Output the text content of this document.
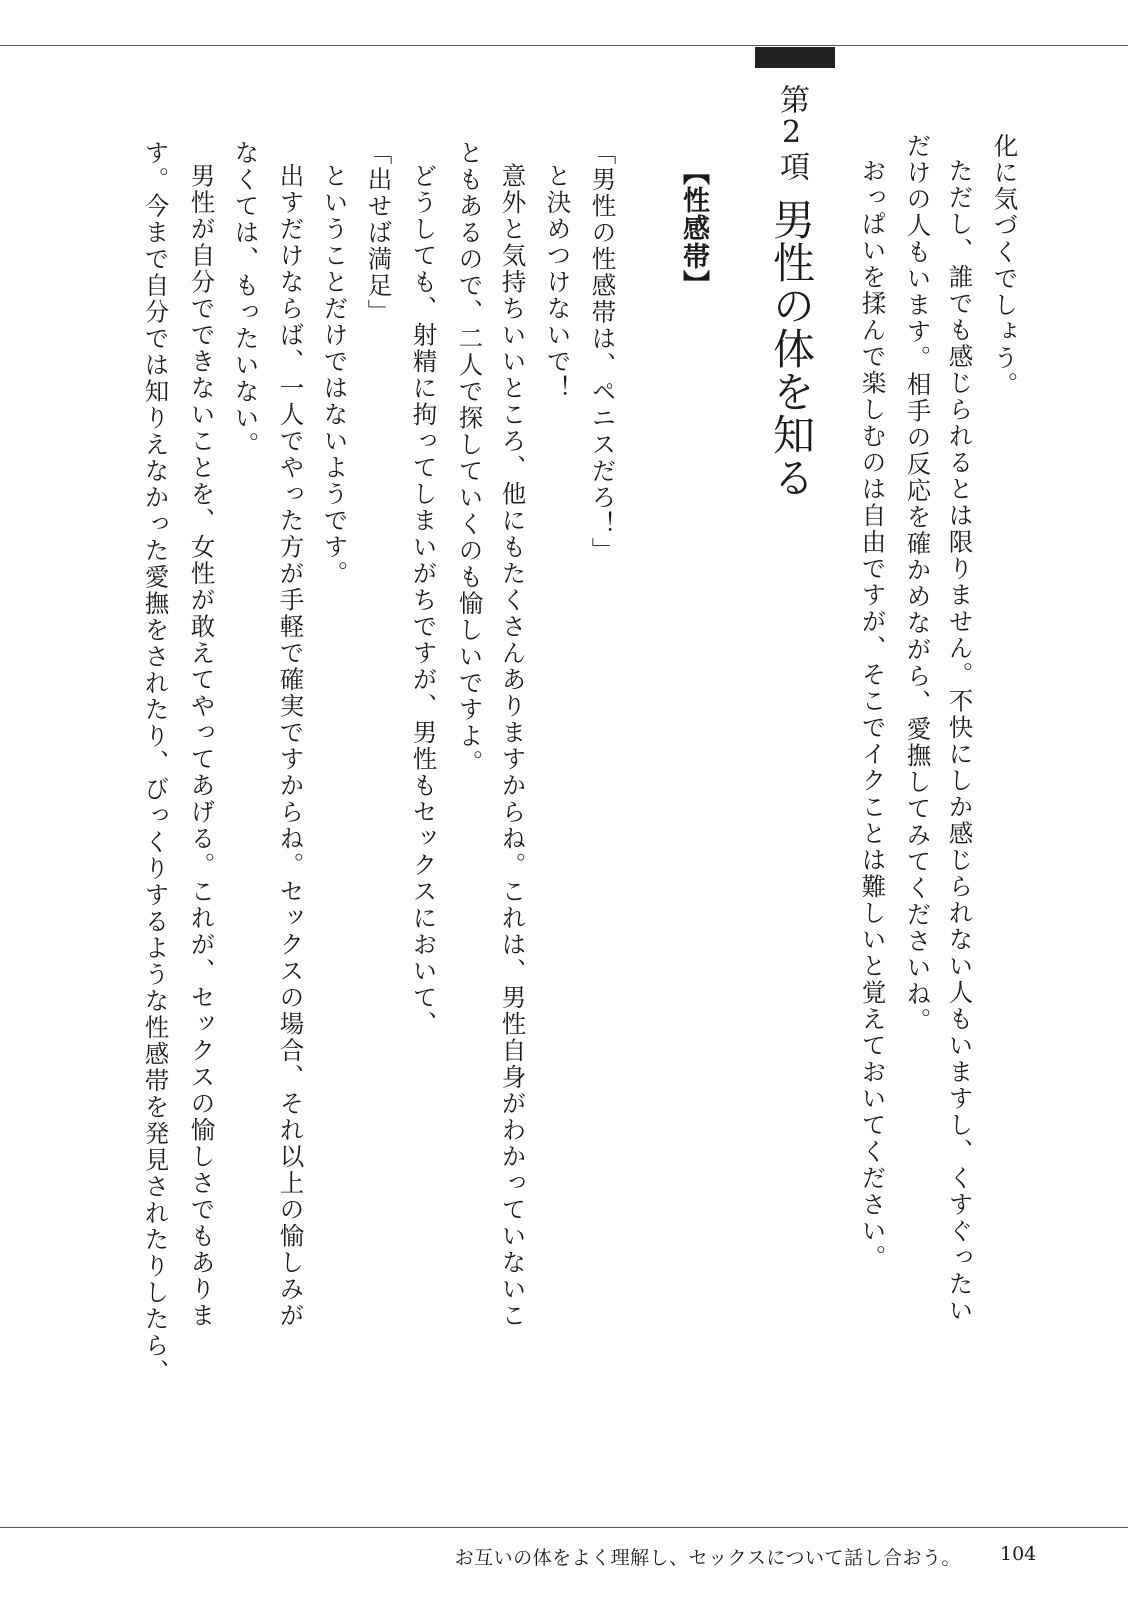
化に気づくでしょう。

ただし、誰でも感じられるとは限りません。不快にしか感じられない人もいますし、くすぐったい

だけの人もいます。相手の反応を確かめながら、愛撫してみてくださいね。

おっぱいを揉んで楽しむのは自由ですが、そこでイクことは難しいと覚えておいてください。

第2項男性の体を知る
【性感帯】

「男性の性感帯は、ペニスだろ！」

と決めつけないで！

意外と気持ちいいところ、他にもたくさんありますからね。これは、男性自身がわかっていないこ

ともあるので、二人で探していくのも愉しいですよ。

どうしても、射精に拘ってしまいがちですが、男性もセックスにおいて、

「出せば満足」

ということだけではないようです。

出すだけならば、一人でやった方が手軽で確実ですからね。セックスの場合、それ以上の愉しみが

なくては、もったいない。

男性が自分でできないことを、女性が敢えてやってあげる。これが、セックスの愉しさでもありま

す。今まで自分では知りえなかった愛撫をされたり、びっくりするような性感帯を発見されたりしたら、

お互いの体をよく理解し、セックスについて話し合おう。 104
